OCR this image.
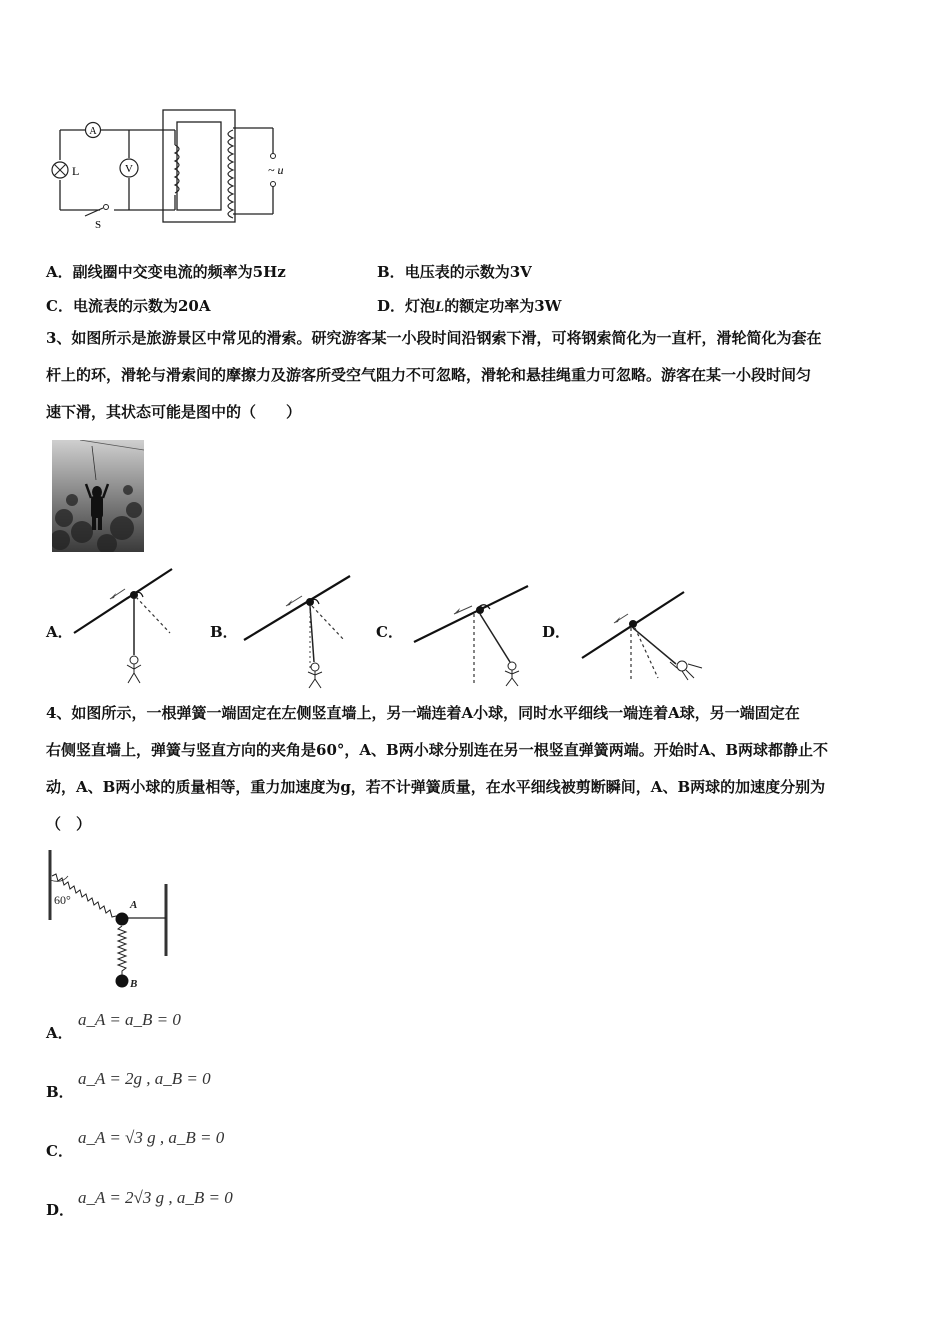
A
V
L
S
~ u
A．副线圈中交变电流的频率为5Hz	B．电压表的示数为3V
C．电流表的示数为20A	D．灯泡L的额定功率为3W
3、如图所示是旅游景区中常见的滑索。研究游客某一小段时间沿钢索下滑，可将钢索简化为一直杆，滑轮简化为套在
杆上的环，滑轮与滑索间的摩擦力及游客所受空气阻力不可忽略，滑轮和悬挂绳重力可忽略。游客在某一小段时间匀
速下滑，其状态可能是图中的（　　）
A．	B．	C．	D．
4、如图所示，一根弹簧一端固定在左侧竖直墙上，另一端连着A小球，同时水平细线一端连着A球，另一端固定在
右侧竖直墙上，弹簧与竖直方向的夹角是60°，A、B两小球分别连在另一根竖直弹簧两端。开始时A、B两球都静止不
动，A、B两小球的质量相等，重力加速度为g，若不计弹簧质量，在水平细线被剪断瞬间，A、B两球的加速度分别为
（　）
60°	A
B
A．
a_A = a_B = 0
B．
a_A = 2g , a_B = 0
C．
a_A = √3 g , a_B = 0
D．
a_A = 2√3 g , a_B = 0
